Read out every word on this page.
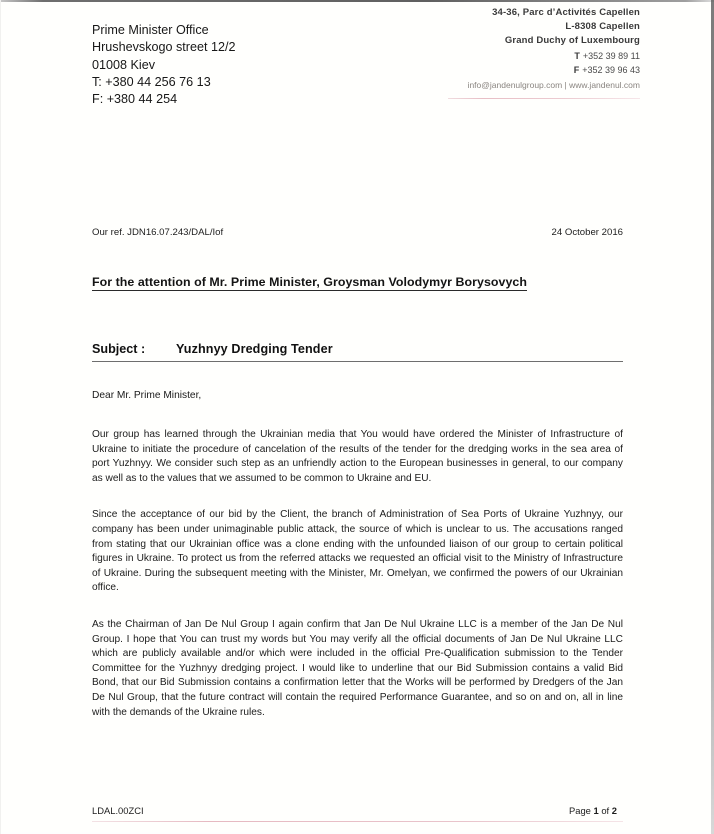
34-36, Parc d’Activités Capellen
L-8308 Capellen
Grand Duchy of Luxembourg
T +352 39 89 11
F +352 39 96 43
info@jandenulgroup.com | www.jandenul.com
Prime Minister Office
Hrushevskogo street 12/2
01008 Kiev
T: +380 44 256 76 13
F: +380 44 254
Our ref. JDN16.07.243/DAL/Iof	24 October 2016
For the attention of Mr. Prime Minister, Groysman Volodymyr Borysovych
Subject : Yuzhnyy Dredging Tender
Dear Mr. Prime Minister,

Our group has learned through the Ukrainian media that You would have ordered the Minister of Infrastructure of Ukraine to initiate the procedure of cancelation of the results of the tender for the dredging works in the sea area of port Yuzhnyy. We consider such step as an unfriendly action to the European businesses in general, to our company as well as to the values that we assumed to be common to Ukraine and EU.

Since the acceptance of our bid by the Client, the branch of Administration of Sea Ports of Ukraine Yuzhnyy, our company has been under unimaginable public attack, the source of which is unclear to us. The accusations ranged from stating that our Ukrainian office was a clone ending with the unfounded liaison of our group to certain political figures in Ukraine. To protect us from the referred attacks we requested an official visit to the Ministry of Infrastructure of Ukraine. During the subsequent meeting with the Minister, Mr. Omelyan, we confirmed the powers of our Ukrainian office.

As the Chairman of Jan De Nul Group I again confirm that Jan De Nul Ukraine LLC is a member of the Jan De Nul Group. I hope that You can trust my words but You may verify all the official documents of Jan De Nul Ukraine LLC which are publicly available and/or which were included in the official Pre-Qualification submission to the Tender Committee for the Yuzhnyy dredging project. I would like to underline that our Bid Submission contains a valid Bid Bond, that our Bid Submission contains a confirmation letter that the Works will be performed by Dredgers of the Jan De Nul Group, that the future contract will contain the required Performance Guarantee, and so on and on, all in line with the demands of the Ukraine rules.

LDAL.00ZCI	Page 1 of 2
